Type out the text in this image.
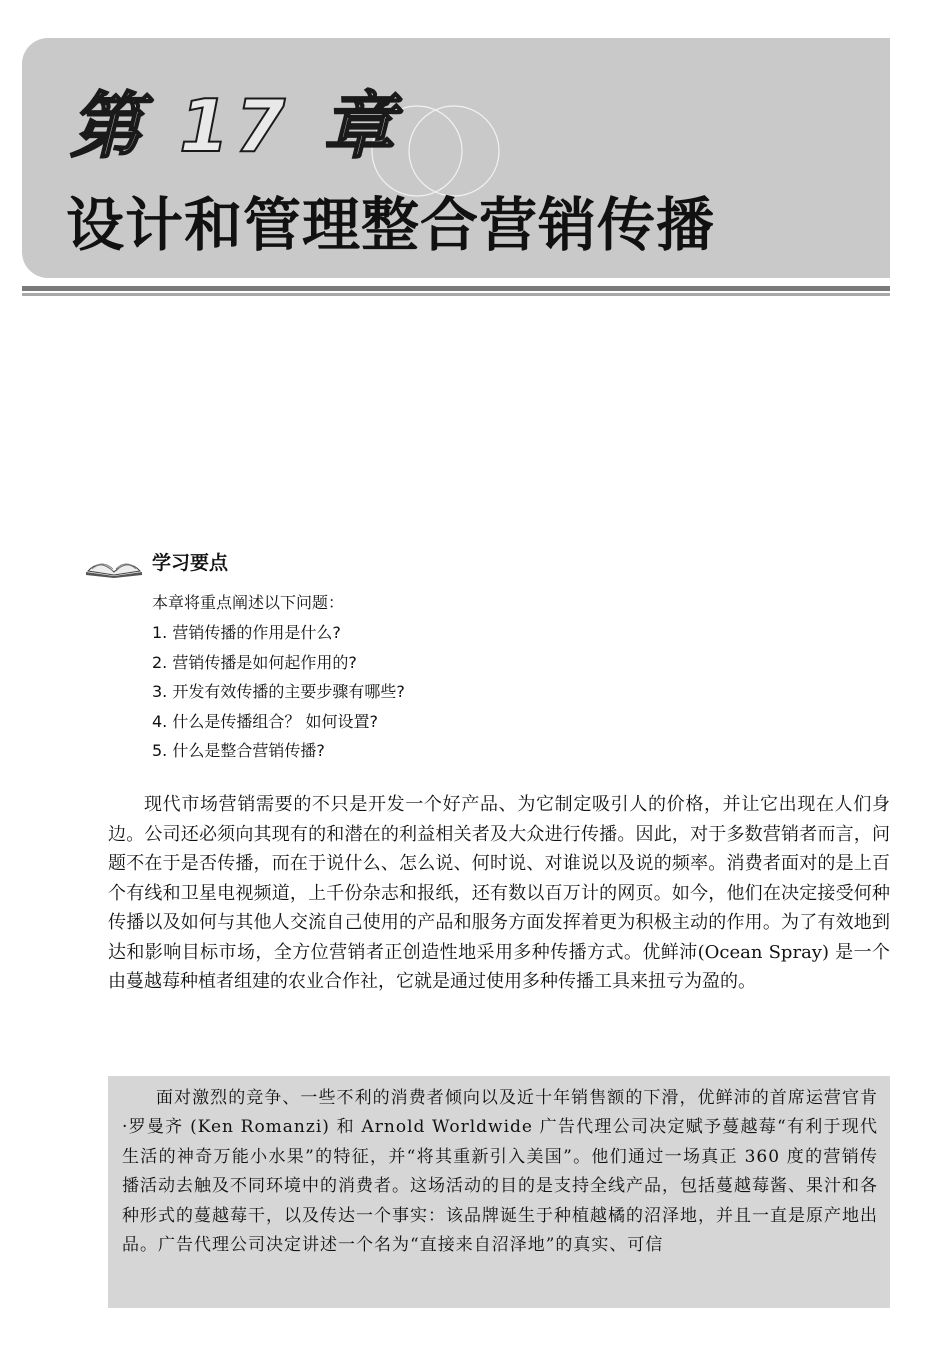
第 17 章
设计和管理整合营销传播
学习要点
本章将重点阐述以下问题：
1. 营销传播的作用是什么?
2. 营销传播是如何起作用的?
3. 开发有效传播的主要步骤有哪些?
4. 什么是传播组合？ 如何设置?
5. 什么是整合营销传播?

现代市场营销需要的不只是开发一个好产品、为它制定吸引人的价格，并让它出现在人们身边。公司还必须向其现有的和潜在的利益相关者及大众进行传播。因此，对于多数营销者而言，问题不在于是否传播，而在于说什么、怎么说、何时说、对谁说以及说的频率。消费者面对的是上百个有线和卫星电视频道，上千份杂志和报纸，还有数以百万计的网页。如今，他们在决定接受何种传播以及如何与其他人交流自己使用的产品和服务方面发挥着更为积极主动的作用。为了有效地到达和影响目标市场，全方位营销者正创造性地采用多种传播方式。优鲜沛(Ocean Spray) 是一个由蔓越莓种植者组建的农业合作社，它就是通过使用多种传播工具来扭亏为盈的。

面对激烈的竞争、一些不利的消费者倾向以及近十年销售额的下滑，优鲜沛的首席运营官肯·罗曼齐 (Ken Romanzi) 和 Arnold Worldwide 广告代理公司决定赋予蔓越莓“有利于现代生活的神奇万能小水果”的特征，并“将其重新引入美国”。他们通过一场真正 360 度的营销传播活动去触及不同环境中的消费者。这场活动的目的是支持全线产品，包括蔓越莓酱、果汁和各种形式的蔓越莓干，以及传达一个事实：该品牌诞生于种植越橘的沼泽地，并且一直是原产地出品。广告代理公司决定讲述一个名为“直接来自沼泽地”的真实、可信
